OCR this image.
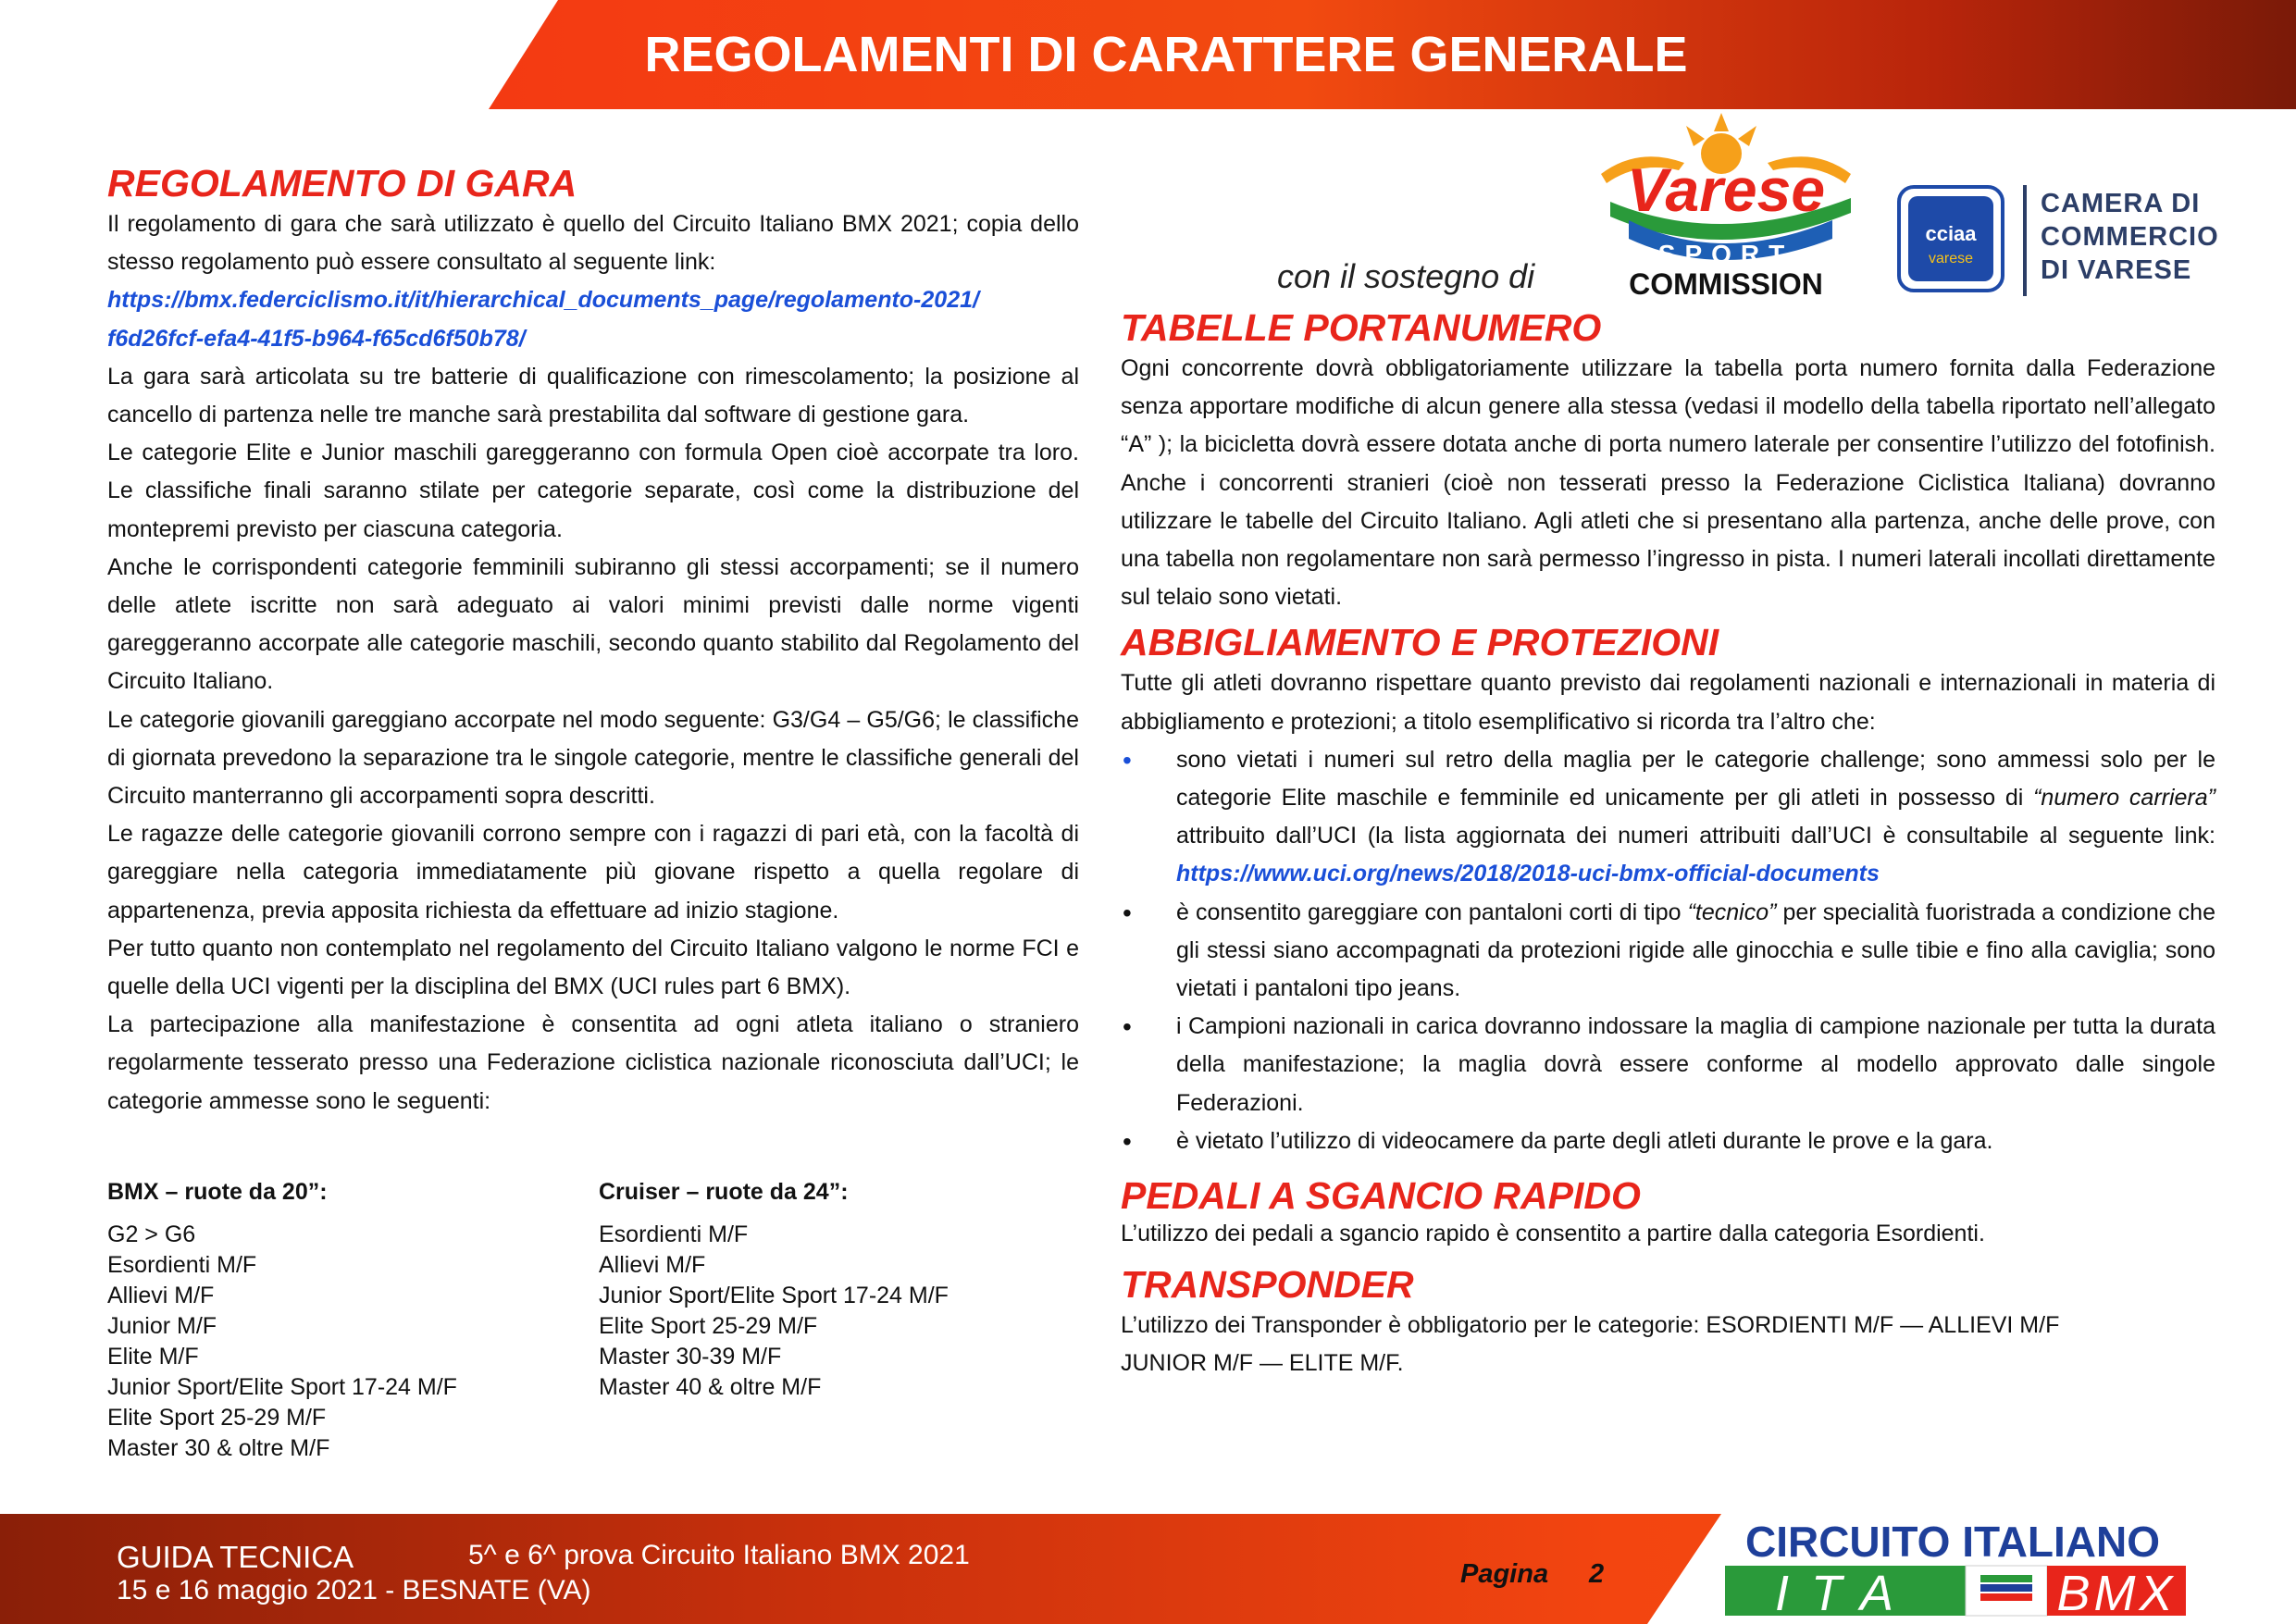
REGOLAMENTI DI CARATTERE GENERALE
REGOLAMENTO DI GARA

Il regolamento di gara che sarà utilizzato è quello del Circuito Italiano BMX 2021; copia dello stesso regolamento può essere consultato al seguente link:

https://bmx.federciclismo.it/it/hierarchical_documents_page/regolamento-2021/
f6d26fcf-efa4-41f5-b964-f65cd6f50b78/

La gara sarà articolata su tre batterie di qualificazione con rimescolamento; la posizione al cancello di partenza nelle tre manche sarà prestabilita dal software di gestione gara.

Le categorie Elite e Junior maschili gareggeranno con formula Open cioè accorpate tra loro. Le classifiche finali saranno stilate per categorie separate, così come la distribuzione del montepremi previsto per ciascuna categoria.

Anche le corrispondenti categorie femminili subiranno gli stessi accorpamenti; se il numero delle atlete iscritte non sarà adeguato ai valori minimi previsti dalle norme vigenti gareggeranno accorpate alle categorie maschili, secondo quanto stabilito dal Regolamento del Circuito Italiano.

Le categorie giovanili gareggiano accorpate nel modo seguente: G3/G4 – G5/G6; le classifiche di giornata prevedono la separazione tra le singole categorie, mentre le classifiche generali del Circuito manterranno gli accorpamenti sopra descritti.

Le ragazze delle categorie giovanili corrono sempre con i ragazzi di pari età, con la facoltà di gareggiare nella categoria immediatamente più giovane rispetto a quella regolare di appartenenza, previa apposita richiesta da effettuare ad inizio stagione.

Per tutto quanto non contemplato nel regolamento del Circuito Italiano valgono le norme FCI e quelle della UCI vigenti per la disciplina del BMX (UCI rules part 6 BMX).

La partecipazione alla manifestazione è consentita ad ogni atleta italiano o straniero regolarmente tesserato presso una Federazione ciclistica nazionale riconosciuta dall’UCI; le categorie ammesse sono le seguenti:

BMX – ruote da 20”:
G2 > G6
Esordienti M/F
Allievi M/F
Junior M/F
Elite M/F
Junior Sport/Elite Sport 17-24 M/F
Elite Sport 25-29 M/F
Master 30 & oltre M/F
Cruiser – ruote da 24”:
Esordienti M/F
Allievi M/F
Junior Sport/Elite Sport 17-24 M/F
Elite Sport 25-29 M/F
Master 30-39 M/F
Master 40 & oltre M/F
con il sostegno di
Varese
SPORT
COMMISSION
cciaa
varese
CAMERA DI
COMMERCIO
DI VARESE
TABELLE PORTANUMERO

Ogni concorrente dovrà obbligatoriamente utilizzare la tabella porta numero fornita dalla Federazione senza apportare modifiche di alcun genere alla stessa (vedasi il modello della tabella riportato nell’allegato “A” ); la bicicletta dovrà essere dotata anche di porta numero laterale per consentire l’utilizzo del fotofinish. Anche i concorrenti stranieri (cioè non tesserati presso la Federazione Ciclistica Italiana) dovranno utilizzare le tabelle del Circuito Italiano. Agli atleti che si presentano alla partenza, anche delle prove, con una tabella non regolamentare non sarà permesso l’ingresso in pista. I numeri laterali incollati direttamente sul telaio sono vietati.

ABBIGLIAMENTO E PROTEZIONI

Tutte gli atleti dovranno rispettare quanto previsto dai regolamenti nazionali e internazionali in materia di abbigliamento e protezioni; a titolo esemplificativo si ricorda tra l’altro che:

•	sono vietati i numeri sul retro della maglia per le categorie challenge; sono ammessi solo per le categorie Elite maschile e femminile ed unicamente per gli atleti in possesso di “numero carriera” attribuito dall’UCI (la lista aggiornata dei numeri attribuiti dall’UCI è consultabile al seguente link: https://www.uci.org/news/2018/2018-uci-bmx-official-documents
•	è consentito gareggiare con pantaloni corti di tipo “tecnico” per specialità fuoristrada a condizione che gli stessi siano accompagnati da protezioni rigide alle ginocchia e sulle tibie e fino alla caviglia; sono vietati i pantaloni tipo jeans.
•	i Campioni nazionali in carica dovranno indossare la maglia di campione nazionale per tutta la durata della manifestazione; la maglia dovrà essere conforme al modello approvato dalle singole Federazioni.
•	è vietato l’utilizzo di videocamere da parte degli atleti durante le prove e la gara.
PEDALI A SGANCIO RAPIDO

L’utilizzo dei pedali a sgancio rapido è consentito a partire dalla categoria Esordienti.

TRANSPONDER

L’utilizzo dei Transponder è obbligatorio per le categorie: ESORDIENTI M/F — ALLIEVI M/F

JUNIOR M/F — ELITE M/F.

GUIDA TECNICA	5^ e 6^ prova Circuito Italiano BMX 2021
15 e 16 maggio 2021 - BESNATE (VA)
Pagina 2
CIRCUITO ITALIANO
ITA	BMX
